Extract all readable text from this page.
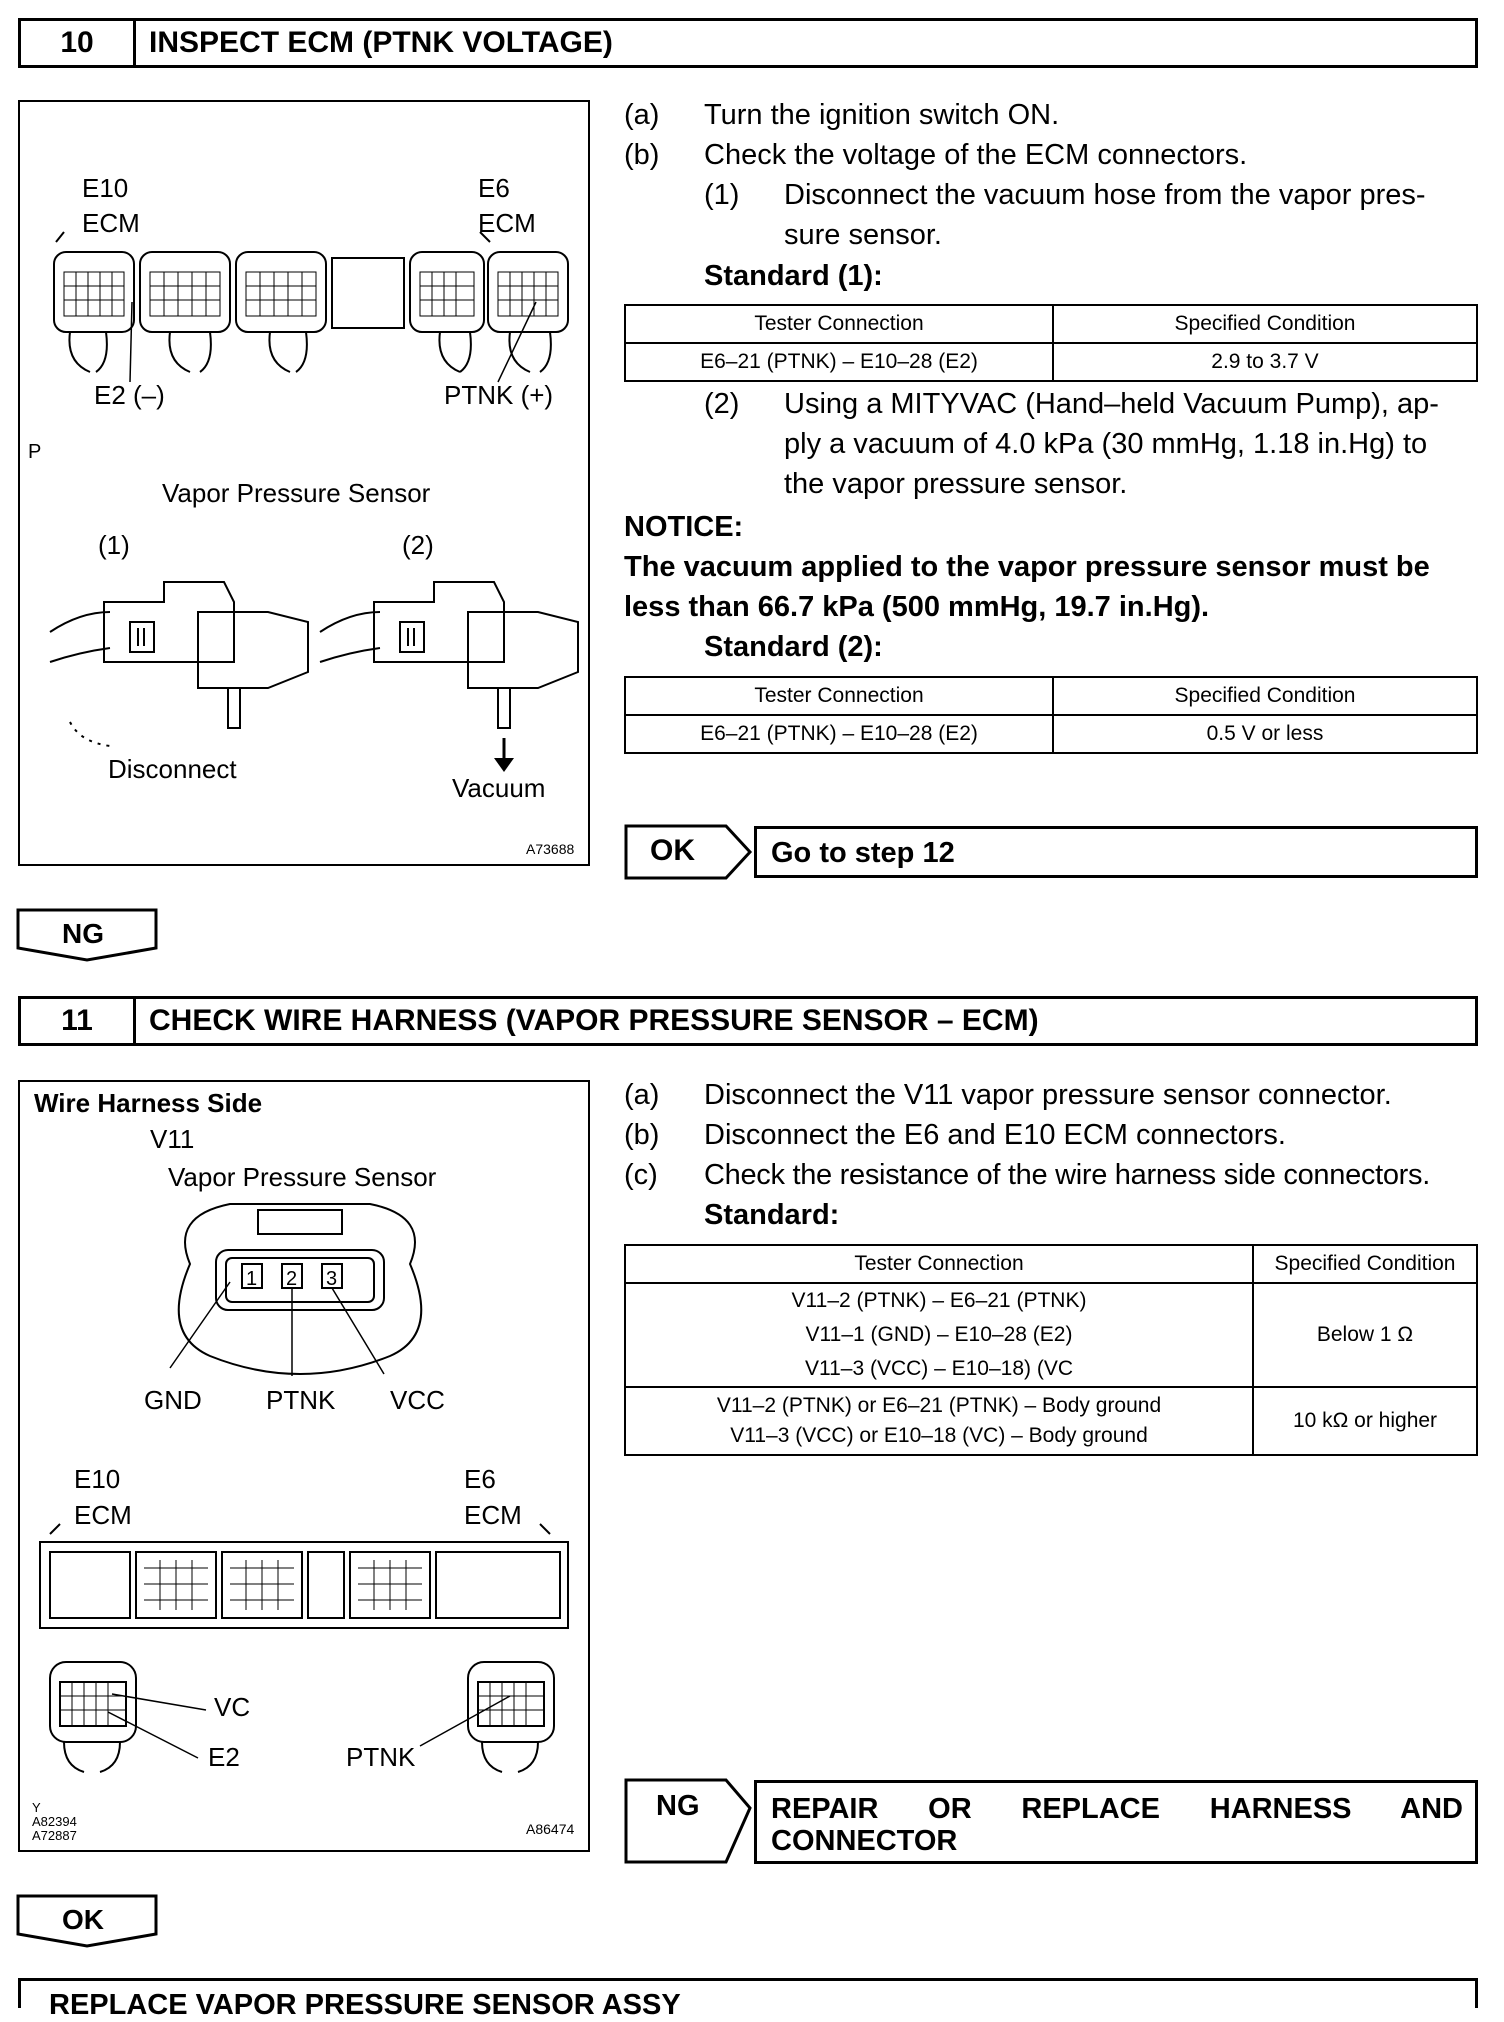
10	INSPECT ECM (PTNK VOLTAGE)
E10
ECM
E6
ECM
E2 (–)	PTNK (+)
P
Vapor Pressure Sensor
(1)	(2)
Disconnect
Vacuum
A73688
(a) Turn the ignition switch ON.
(b) Check the voltage of the ECM connectors.
(1) Disconnect the vacuum hose from the vapor pres-
sure sensor.
Standard (1):
Tester Connection	Specified Condition
E6–21 (PTNK) – E10–28 (E2)	2.9 to 3.7 V
(2) Using a MITYVAC (Hand–held Vacuum Pump), ap-
ply a vacuum of 4.0 kPa (30 mmHg, 1.18 in.Hg) to
the vapor pressure sensor.
NOTICE:
The vacuum applied to the vapor pressure sensor must be
less than 66.7 kPa (500 mmHg, 19.7 in.Hg).
Standard (2):
Tester Connection	Specified Condition
E6–21 (PTNK) – E10–28 (E2)	0.5 V or less
OK	Go to step 12
NG
11	CHECK WIRE HARNESS (VAPOR PRESSURE SENSOR – ECM)
Wire Harness Side
V11
Vapor Pressure Sensor
GND PTNK VCC
E10
ECM
E6
ECM
VC
E2	PTNK
Y
A82394
A72887	A86474
1 2 3
(a) Disconnect the V11 vapor pressure sensor connector.
(b) Disconnect the E6 and E10 ECM connectors.
(c) Check the resistance of the wire harness side connectors.
Standard:
Tester Connection	Specified Condition

V11–2 (PTNK) – E6–21 (PTNK)
V11–1 (GND) – E10–28 (E2)
V11–3 (VCC) – E10–18) (VC	Below 1 Ω

V11–2 (PTNK) or E6–21 (PTNK) – Body ground
V11–3 (VCC) or E10–18 (VC) – Body ground	10 kΩ or higher
NG REPAIR OR REPLACE HARNESS AND
CONNECTOR
OK
REPLACE VAPOR PRESSURE SENSOR ASSY
